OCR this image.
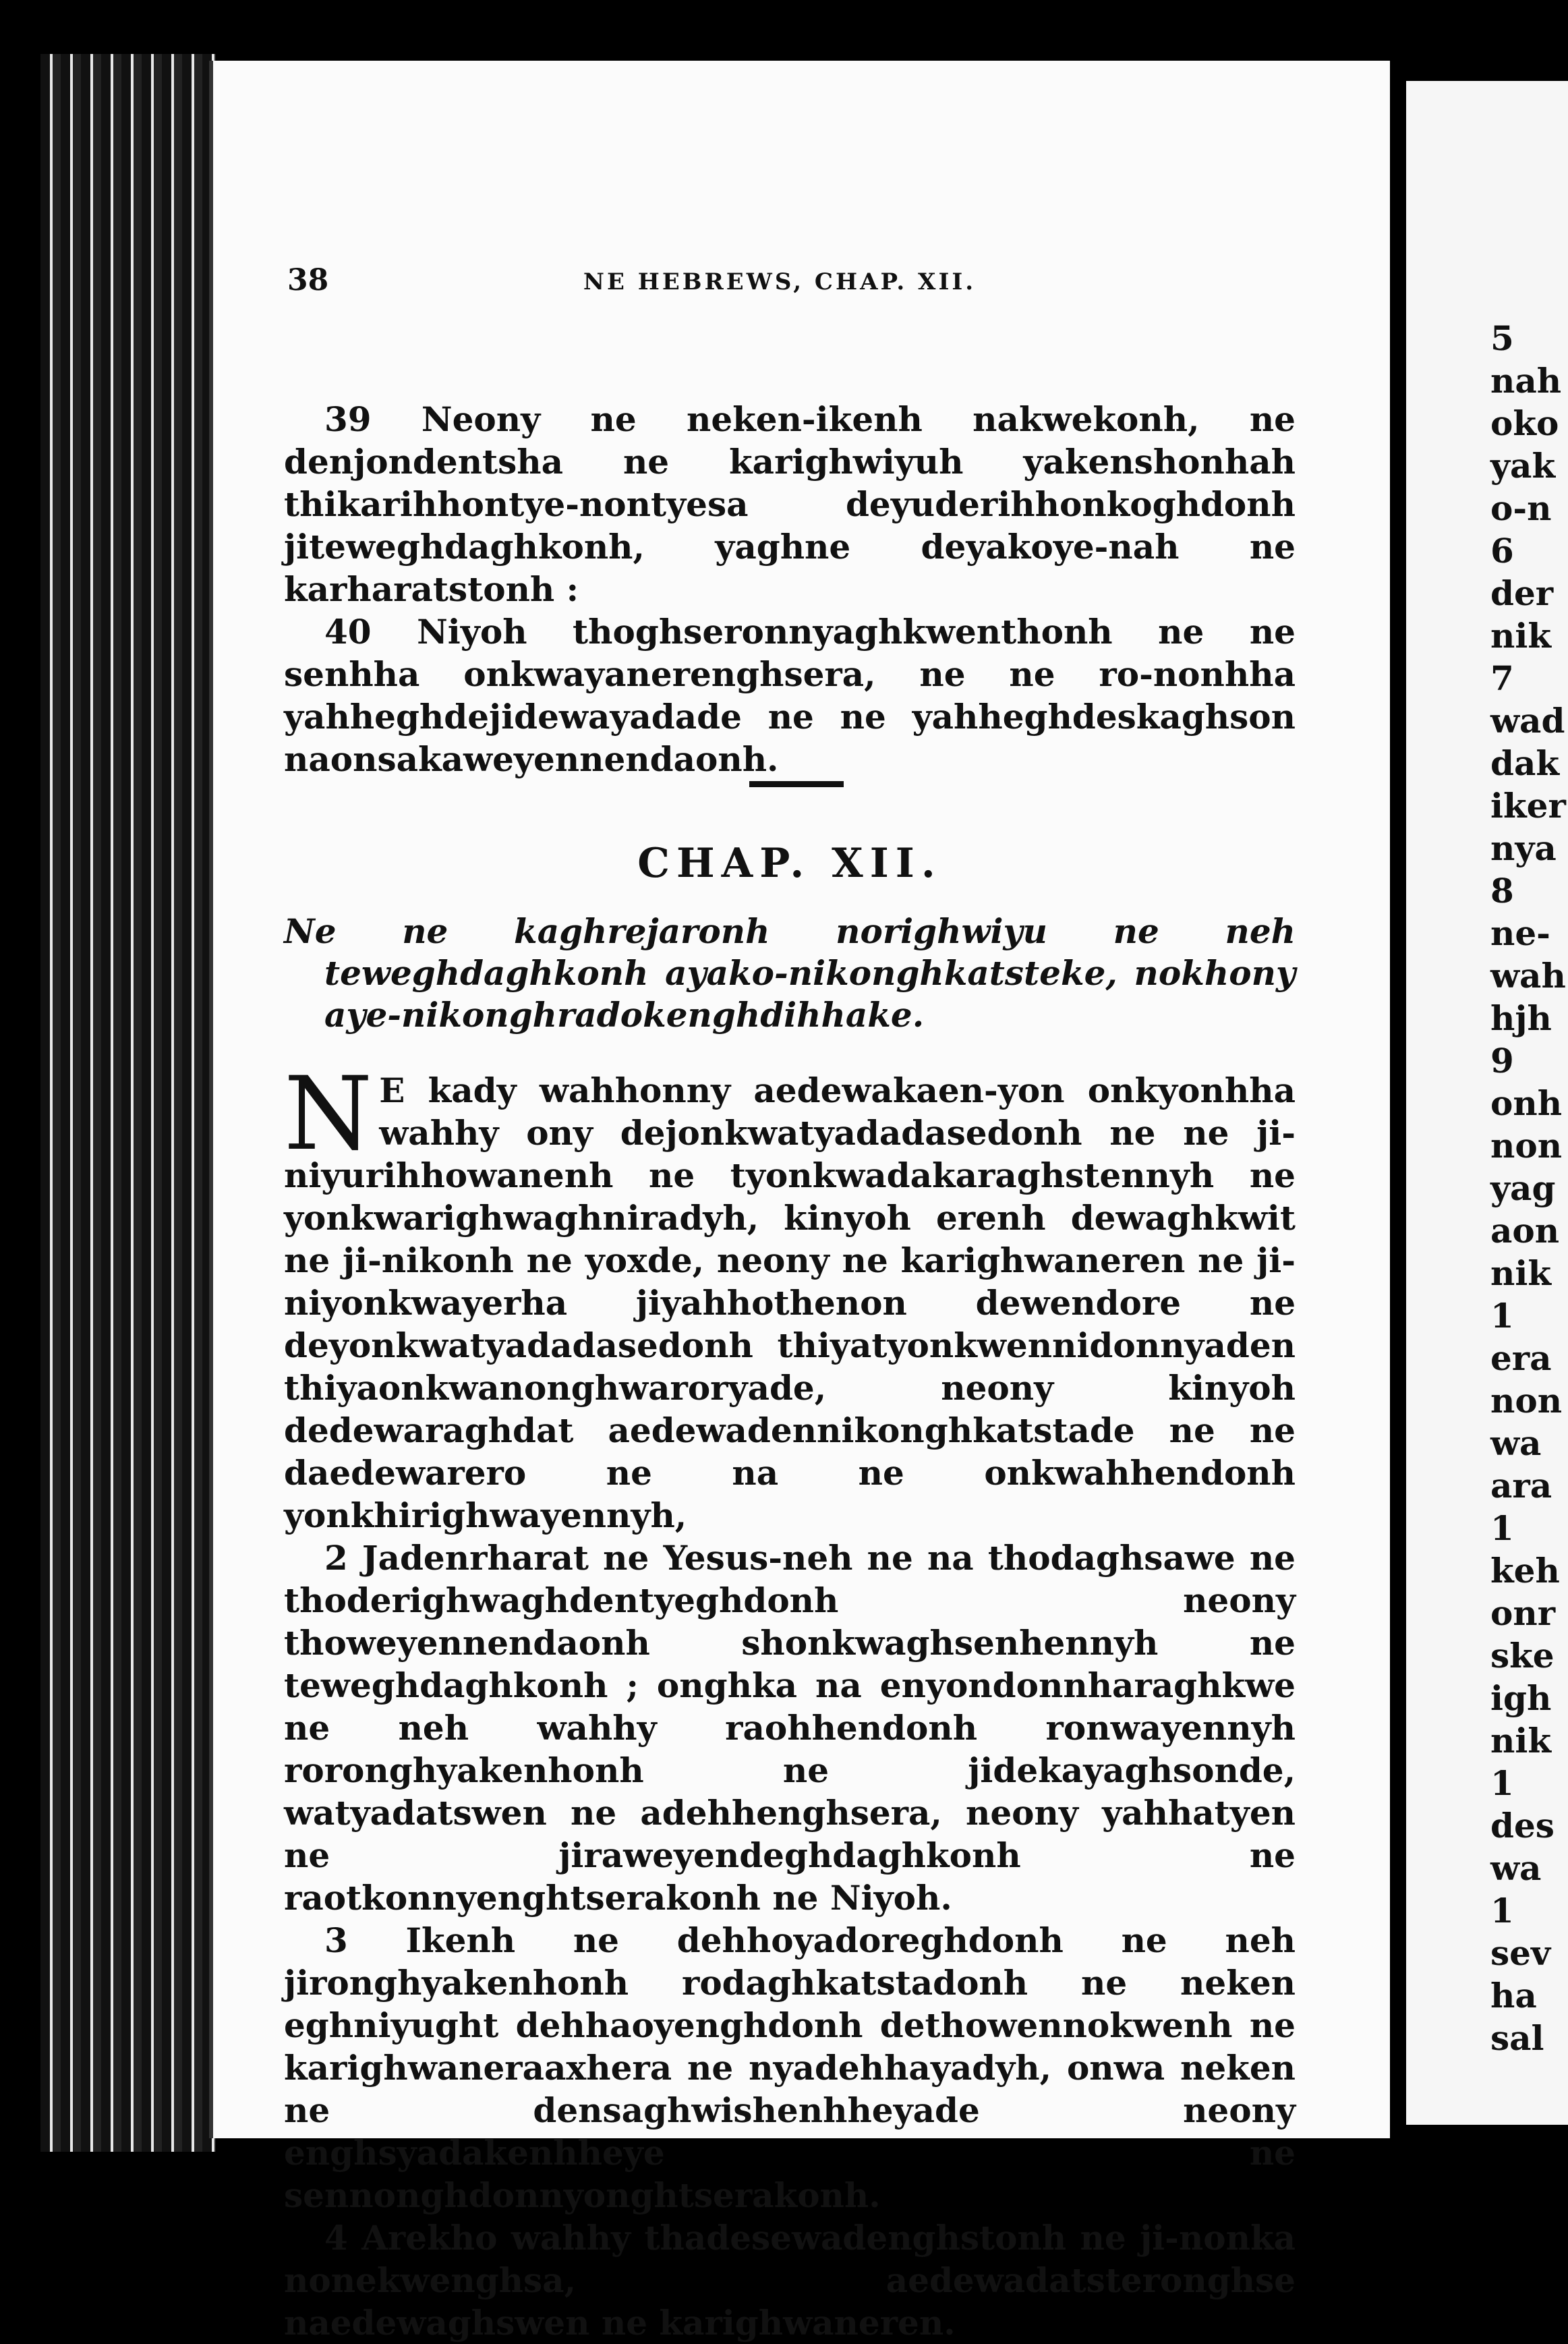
38	NE HEBREWS, CHAP. XII.

39 Neony ne neken-ikenh nakwekonh, ne denjondentsha ne karighwiyuh yakenshonhah thikarihhontye-nontyesa deyuderihhonkoghdonh jiteweghdaghkonh, yaghne deyakoye-nah ne karharatstonh :

40 Niyoh thoghseronnyaghkwenthonh ne ne senhha onkwayanerenghsera, ne ne ro-nonhha yahheghdejidewayadade ne ne yahheghdeskaghson naonsakaweyennendaonh.

CHAP. XII.
Ne ne kaghrejaronh norighwiyu ne neh teweghdaghkonh ayako-nikonghkatsteke, nokhony aye-nikonghradokenghdihhake.

N E kady wahhonny aedewakaen-yon onkyonhha wahhy ony dejonkwatyadadasedonh ne ne ji-niyurihhowanenh ne tyonkwadakaraghstennyh ne yonkwarighwaghniradyh, kinyoh erenh dewaghkwit ne ji-nikonh ne yoxde, neony ne karighwaneren ne ji-niyonkwayerha jiyahhothenon dewendore ne deyonkwatyadadasedonh thiyatyonkwennidonnyaden thiyaonkwanonghwaroryade, neony kinyoh dedewaraghdat aedewadennikonghkatstade ne ne daedewarero ne na ne onkwahhendonh yonkhirighwayennyh,

2 Jadenrharat ne Yesus-neh ne na thodaghsawe ne thoderighwaghdentyeghdonh neony thoweyennendaonh shonkwaghsenhennyh ne teweghdaghkonh ; onghka na enyondonnharaghkwe ne neh wahhy raohhendonh ronwayennyh roronghyakenhonh ne jidekayaghsonde, watyadatswen ne adehhenghsera, neony yahhatyen ne jiraweyendeghdaghkonh ne raotkonnyenghtserakonh ne Niyoh.

3 Ikenh ne dehhoyadoreghdonh ne neh jironghyakenhonh rodaghkatstadonh ne neken eghniyught dehhaoyenghdonh dethowennokwenh ne karighwaneraaxhera ne nyadehhayadyh, onwa neken ne densaghwishenhheyade neony enghsyadakenhheye ne sennonghdonnyonghtserakonh.

4 Arekho wahhy thadesewadenghstonh ne ji-nonka nonekwenghsa, aedewadatsteronghse naedewaghswen ne karighwaneren.

5
nah
oko
yak
o-n
6
der
nik
7
wad
dak
iker
nya
8
ne-
wah
hjh
9
onh
non
yag
aon
nik
1
era
non
wa
ara
1
keh
onr
ske
igh
nik
1
des
wa
1
sev
ha
sal
